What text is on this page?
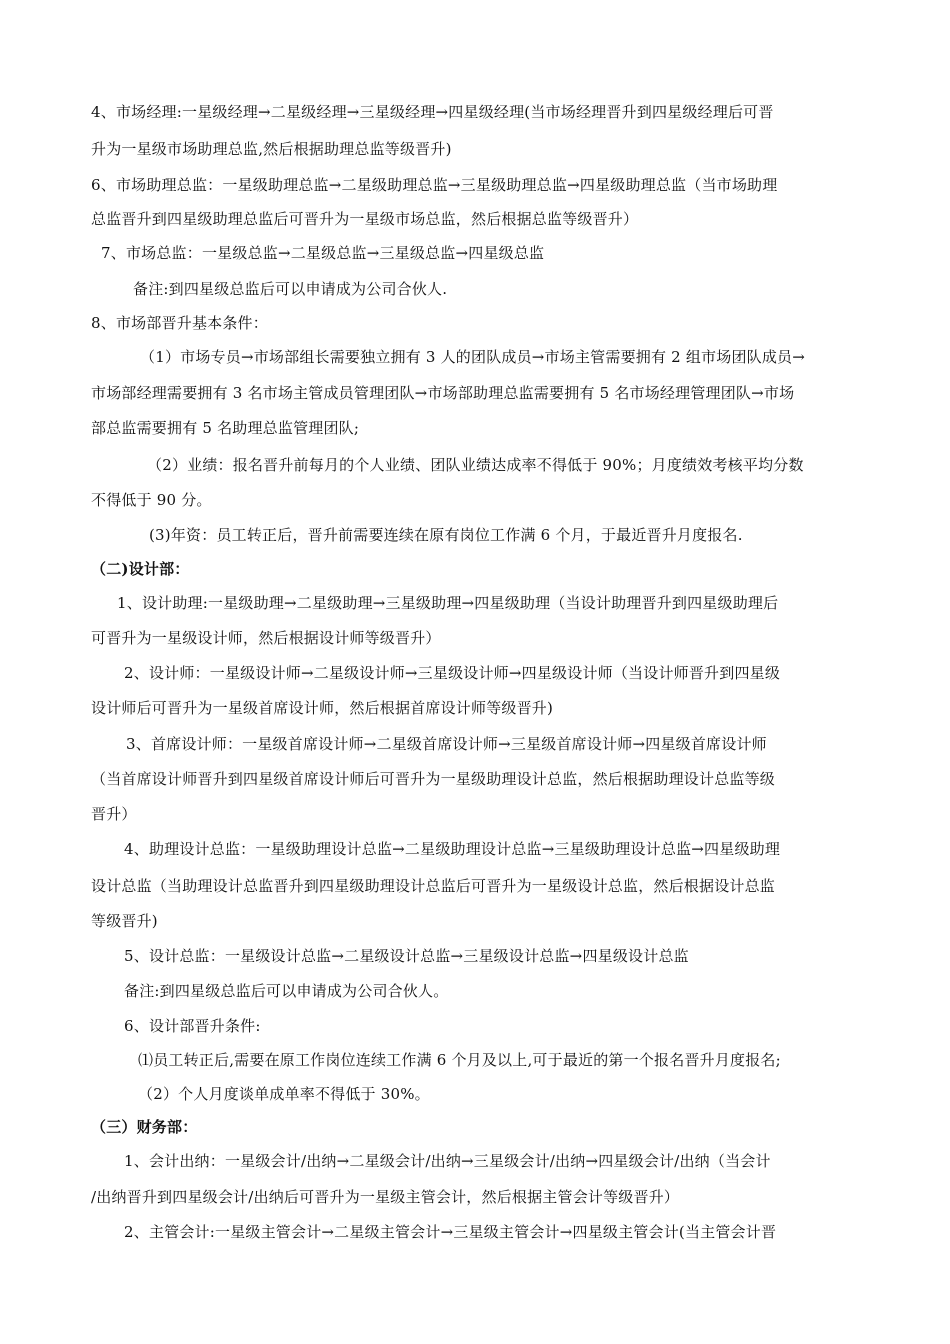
4、市场经理:一星级经理→二星级经理→三星级经理→四星级经理(当市场经理晋升到四星级经理后可晋
升为一星级市场助理总监,然后根据助理总监等级晋升)
6、市场助理总监：一星级助理总监→二星级助理总监→三星级助理总监→四星级助理总监（当市场助理
总监晋升到四星级助理总监后可晋升为一星级市场总监，然后根据总监等级晋升）
7、市场总监：一星级总监→二星级总监→三星级总监→四星级总监
备注:到四星级总监后可以申请成为公司合伙人.
8、市场部晋升基本条件：
（1）市场专员→市场部组长需要独立拥有 3 人的团队成员→市场主管需要拥有 2 组市场团队成员→
市场部经理需要拥有 3 名市场主管成员管理团队→市场部助理总监需要拥有 5 名市场经理管理团队→市场
部总监需要拥有 5 名助理总监管理团队;
（2）业绩：报名晋升前每月的个人业绩、团队业绩达成率不得低于 90%；月度绩效考核平均分数
不得低于 90 分。
(3)年资：员工转正后，晋升前需要连续在原有岗位工作满 6 个月，于最近晋升月度报名.
（二)设计部：
1、设计助理:一星级助理→二星级助理→三星级助理→四星级助理（当设计助理晋升到四星级助理后
可晋升为一星级设计师，然后根据设计师等级晋升）
2、设计师：一星级设计师→二星级设计师→三星级设计师→四星级设计师（当设计师晋升到四星级
设计师后可晋升为一星级首席设计师，然后根据首席设计师等级晋升)
3、首席设计师：一星级首席设计师→二星级首席设计师→三星级首席设计师→四星级首席设计师
（当首席设计师晋升到四星级首席设计师后可晋升为一星级助理设计总监，然后根据助理设计总监等级
晋升）
4、助理设计总监：一星级助理设计总监→二星级助理设计总监→三星级助理设计总监→四星级助理
设计总监（当助理设计总监晋升到四星级助理设计总监后可晋升为一星级设计总监，然后根据设计总监
等级晋升)
5、设计总监：一星级设计总监→二星级设计总监→三星级设计总监→四星级设计总监
备注:到四星级总监后可以申请成为公司合伙人。
6、设计部晋升条件:
⑴员工转正后,需要在原工作岗位连续工作满 6 个月及以上,可于最近的第一个报名晋升月度报名;
（2）个人月度谈单成单率不得低于 30%。
（三）财务部：
1、会计出纳：一星级会计/出纳→二星级会计/出纳→三星级会计/出纳→四星级会计/出纳（当会计
/出纳晋升到四星级会计/出纳后可晋升为一星级主管会计，然后根据主管会计等级晋升）
2、主管会计:一星级主管会计→二星级主管会计→三星级主管会计→四星级主管会计(当主管会计晋
